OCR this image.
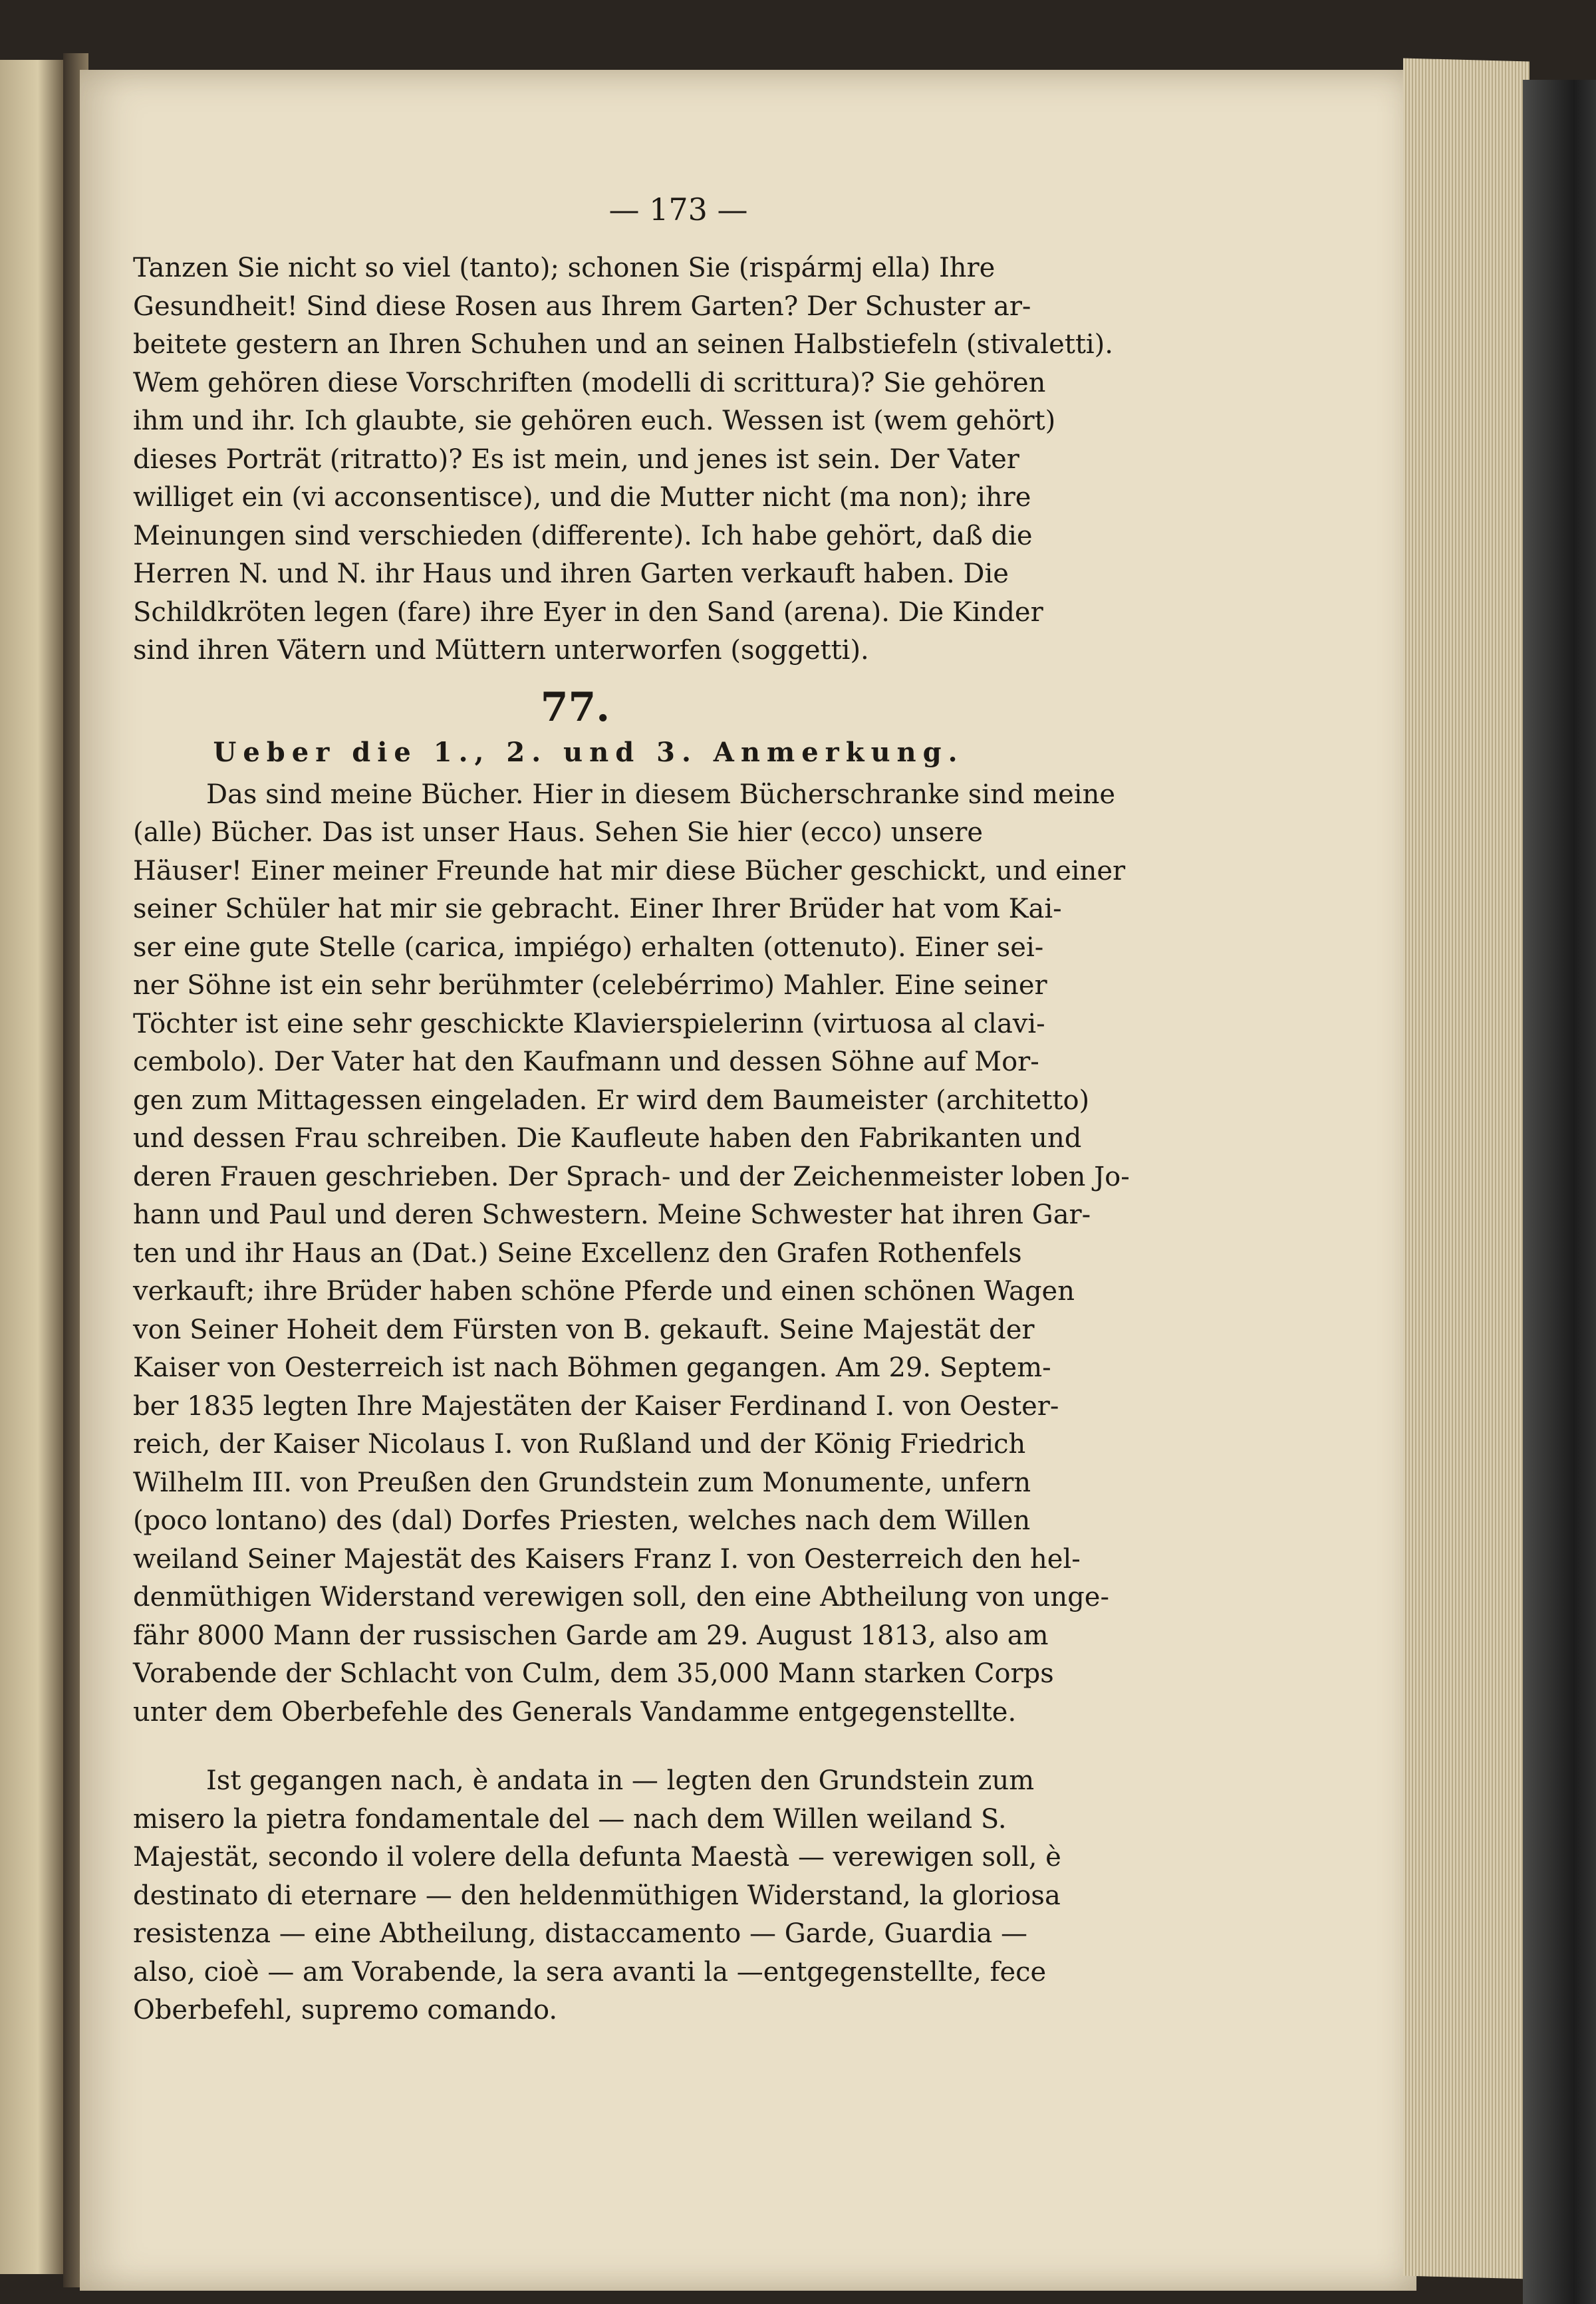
— 173 —
Tanzen Sie nicht so viel (tanto); schonen Sie (rispármj ella) Ihre
Gesundheit! Sind diese Rosen aus Ihrem Garten? Der Schuster ar-
beitete gestern an Ihren Schuhen und an seinen Halbstiefeln (stivaletti).
Wem gehören diese Vorschriften (modelli di scrittura)? Sie gehören
ihm und ihr. Ich glaubte, sie gehören euch. Wessen ist (wem gehört)
dieses Porträt (ritratto)? Es ist mein, und jenes ist sein. Der Vater
williget ein (vi acconsentisce), und die Mutter nicht (ma non); ihre
Meinungen sind verschieden (differente). Ich habe gehört, daß die
Herren N. und N. ihr Haus und ihren Garten verkauft haben. Die
Schildkröten legen (fare) ihre Eyer in den Sand (arena). Die Kinder
sind ihren Vätern und Müttern unterworfen (soggetti).
77.
Ueber die 1., 2. und 3. Anmerkung.
Das sind meine Bücher. Hier in diesem Bücherschranke sind meine
(alle) Bücher. Das ist unser Haus. Sehen Sie hier (ecco) unsere
Häuser! Einer meiner Freunde hat mir diese Bücher geschickt, und einer
seiner Schüler hat mir sie gebracht. Einer Ihrer Brüder hat vom Kai-
ser eine gute Stelle (carica, impiégo) erhalten (ottenuto). Einer sei-
ner Söhne ist ein sehr berühmter (celebérrimo) Mahler. Eine seiner
Töchter ist eine sehr geschickte Klavierspielerinn (virtuosa al clavi-
cembolo). Der Vater hat den Kaufmann und dessen Söhne auf Mor-
gen zum Mittagessen eingeladen. Er wird dem Baumeister (architetto)
und dessen Frau schreiben. Die Kaufleute haben den Fabrikanten und
deren Frauen geschrieben. Der Sprach- und der Zeichenmeister loben Jo-
hann und Paul und deren Schwestern. Meine Schwester hat ihren Gar-
ten und ihr Haus an (Dat.) Seine Excellenz den Grafen Rothenfels
verkauft; ihre Brüder haben schöne Pferde und einen schönen Wagen
von Seiner Hoheit dem Fürsten von B. gekauft. Seine Majestät der
Kaiser von Oesterreich ist nach Böhmen gegangen. Am 29. Septem-
ber 1835 legten Ihre Majestäten der Kaiser Ferdinand I. von Oester-
reich, der Kaiser Nicolaus I. von Rußland und der König Friedrich
Wilhelm III. von Preußen den Grundstein zum Monumente, unfern
(poco lontano) des (dal) Dorfes Priesten, welches nach dem Willen
weiland Seiner Majestät des Kaisers Franz I. von Oesterreich den hel-
denmüthigen Widerstand verewigen soll, den eine Abtheilung von unge-
fähr 8000 Mann der russischen Garde am 29. August 1813, also am
Vorabende der Schlacht von Culm, dem 35,000 Mann starken Corps
unter dem Oberbefehle des Generals Vandamme entgegenstellte.
Ist gegangen nach, è andata in — legten den Grundstein zum
misero la pietra fondamentale del — nach dem Willen weiland S.
Majestät, secondo il volere della defunta Maestà — verewigen soll, è
destinato di eternare — den heldenmüthigen Widerstand, la gloriosa
resistenza — eine Abtheilung, distaccamento — Garde, Guardia —
also, cioè — am Vorabende, la sera avanti la —entgegenstellte, fece
Oberbefehl, supremo comando.
